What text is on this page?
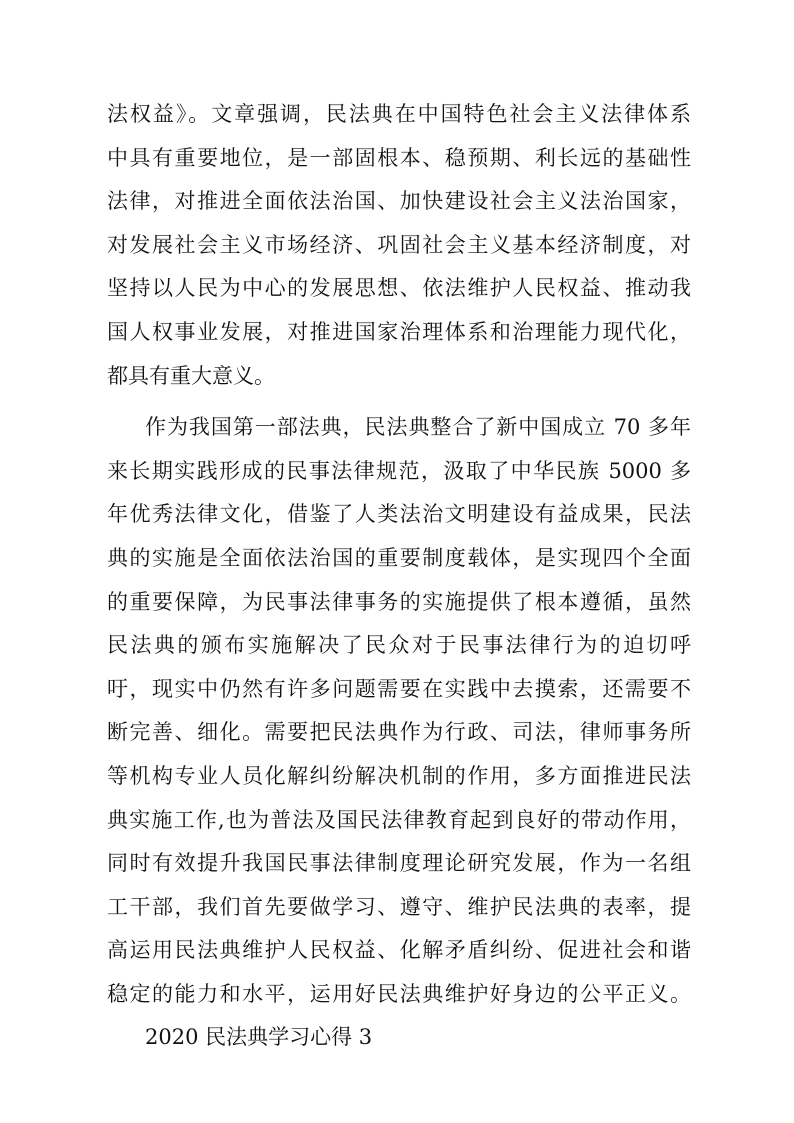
法权益》。文章强调，民法典在中国特色社会主义法律体系
中具有重要地位，是一部固根本、稳预期、利长远的基础性
法律，对推进全面依法治国、加快建设社会主义法治国家，
对发展社会主义市场经济、巩固社会主义基本经济制度，对
坚持以人民为中心的发展思想、依法维护人民权益、推动我
国人权事业发展，对推进国家治理体系和治理能力现代化，
都具有重大意义。
作为我国第一部法典，民法典整合了新中国成立 70 多年
来长期实践形成的民事法律规范，汲取了中华民族 5000 多
年优秀法律文化，借鉴了人类法治文明建设有益成果，民法
典的实施是全面依法治国的重要制度载体，是实现四个全面
的重要保障，为民事法律事务的实施提供了根本遵循，虽然
民法典的颁布实施解决了民众对于民事法律行为的迫切呼
吁，现实中仍然有许多问题需要在实践中去摸索，还需要不
断完善、细化。需要把民法典作为行政、司法，律师事务所
等机构专业人员化解纠纷解决机制的作用，多方面推进民法
典实施工作,也为普法及国民法律教育起到良好的带动作用，
同时有效提升我国民事法律制度理论研究发展，作为一名组
工干部，我们首先要做学习、遵守、维护民法典的表率，提
高运用民法典维护人民权益、化解矛盾纠纷、促进社会和谐
稳定的能力和水平，运用好民法典维护好身边的公平正义。
2020 民法典学习心得 3
